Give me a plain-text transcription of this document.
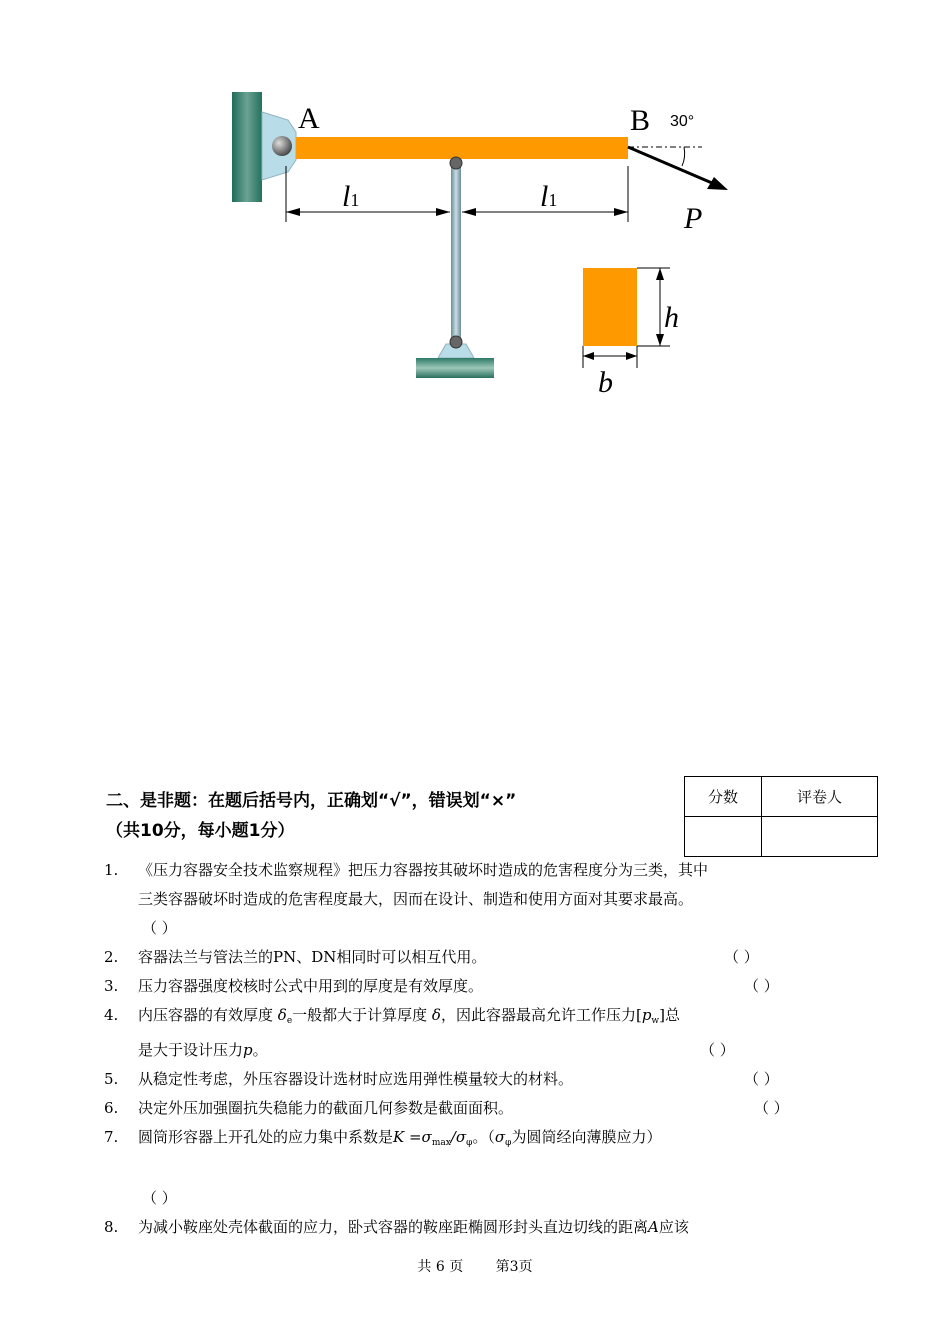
A	B 30°
P
l1	l1
h
b
二、是非题：在题后括号内，正确划“√”，错误划“×”
（共10分，每小题1分）
分数	评卷人

1.	《压力容器安全技术监察规程》把压力容器按其破坏时造成的危害程度分为三类，其中
三类容器破坏时造成的危害程度最大，因而在设计、制造和使用方面对其要求最高。
（ ）
2.	容器法兰与管法兰的PN、DN相同时可以相互代用。	（ ）
3.	压力容器强度校核时公式中用到的厚度是有效厚度。	（ ）
4.	内压容器的有效厚度 $\delta_e$一般都大于计算厚度 δ，因此容器最高允许工作压力$[p_w]$总
是大于设计压力p。	（ ）
5.	从稳定性考虑，外压容器设计选材时应选用弹性模量较大的材料。	（ ）
6.	决定外压加强圈抗失稳能力的截面几何参数是截面面积。	（ ）
7.	圆筒形容器上开孔处的应力集中系数是$K =\sigma_{max}/\sigma_\varphi$。（$\sigma_\varphi$为圆筒经向薄膜应力）

（ ）
8.	为减小鞍座处壳体截面的应力，卧式容器的鞍座距椭圆形封头直边切线的距离A应该
共 6 页 第3页
